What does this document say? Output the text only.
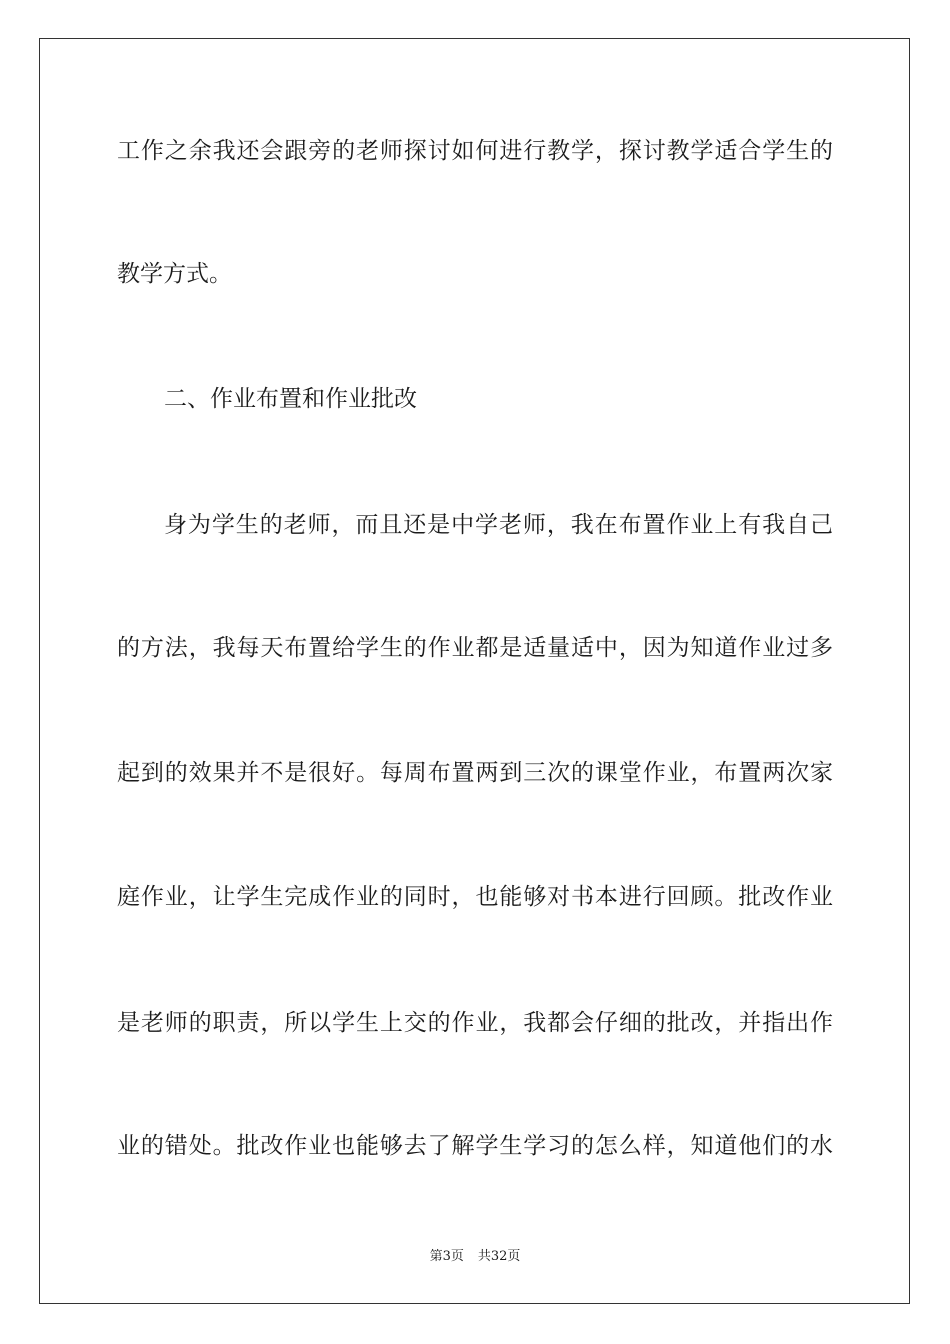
工作之余我还会跟旁的老师探讨如何进行教学，探讨教学适合学生的

教学方式。

二、作业布置和作业批改

身为学生的老师，而且还是中学老师，我在布置作业上有我自己

的方法，我每天布置给学生的作业都是适量适中，因为知道作业过多

起到的效果并不是很好。每周布置两到三次的课堂作业，布置两次家

庭作业，让学生完成作业的同时，也能够对书本进行回顾。批改作业

是老师的职责，所以学生上交的作业，我都会仔细的批改，并指出作

业的错处。批改作业也能够去了解学生学习的怎么样，知道他们的水

第3页 共32页
